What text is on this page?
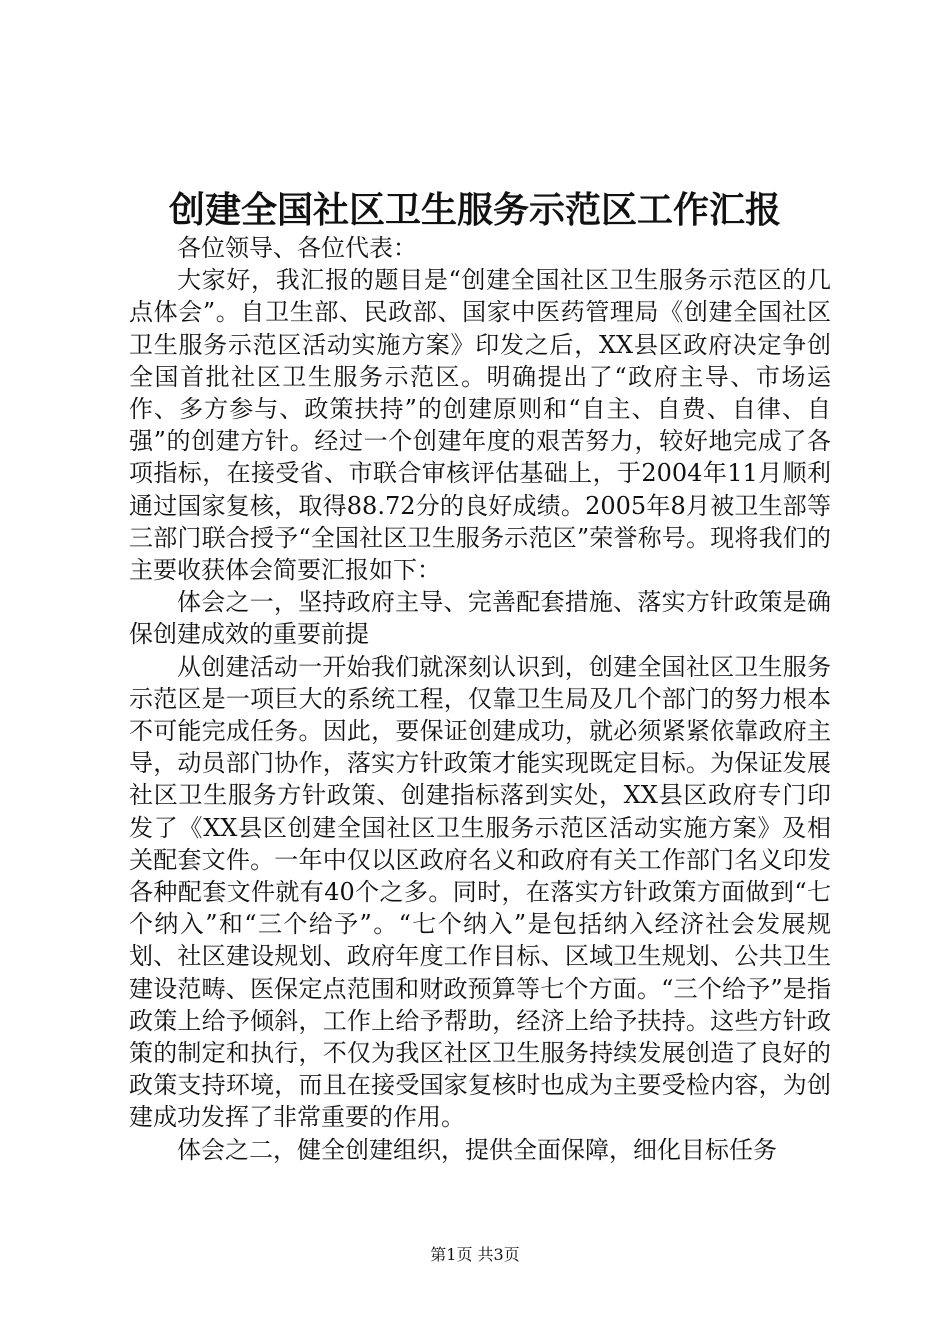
创建全国社区卫生服务示范区工作汇报

各位领导、各位代表：

大家好，我汇报的题目是“创建全国社区卫生服务示范区的几点体会”。自卫生部、民政部、国家中医药管理局《创建全国社区卫生服务示范区活动实施方案》印发之后，XX县区政府决定争创全国首批社区卫生服务示范区。明确提出了“政府主导、市场运作、多方参与、政策扶持”的创建原则和“自主、自费、自律、自强”的创建方针。经过一个创建年度的艰苦努力，较好地完成了各项指标，在接受省、市联合审核评估基础上，于2004年11月顺利通过国家复核，取得88.72分的良好成绩。2005年8月被卫生部等三部门联合授予“全国社区卫生服务示范区”荣誉称号。现将我们的主要收获体会简要汇报如下：

体会之一，坚持政府主导、完善配套措施、落实方针政策是确保创建成效的重要前提

从创建活动一开始我们就深刻认识到，创建全国社区卫生服务示范区是一项巨大的系统工程，仅靠卫生局及几个部门的努力根本不可能完成任务。因此，要保证创建成功，就必须紧紧依靠政府主导，动员部门协作，落实方针政策才能实现既定目标。为保证发展社区卫生服务方针政策、创建指标落到实处，XX县区政府专门印发了《XX县区创建全国社区卫生服务示范区活动实施方案》及相关配套文件。一年中仅以区政府名义和政府有关工作部门名义印发各种配套文件就有40个之多。同时，在落实方针政策方面做到“七个纳入”和“三个给予”。“七个纳入”是包括纳入经济社会发展规划、社区建设规划、政府年度工作目标、区域卫生规划、公共卫生建设范畴、医保定点范围和财政预算等七个方面。“三个给予”是指政策上给予倾斜，工作上给予帮助，经济上给予扶持。这些方针政策的制定和执行，不仅为我区社区卫生服务持续发展创造了良好的政策支持环境，而且在接受国家复核时也成为主要受检内容，为创建成功发挥了非常重要的作用。

体会之二，健全创建组织，提供全面保障，细化目标任务

第1页 共3页
